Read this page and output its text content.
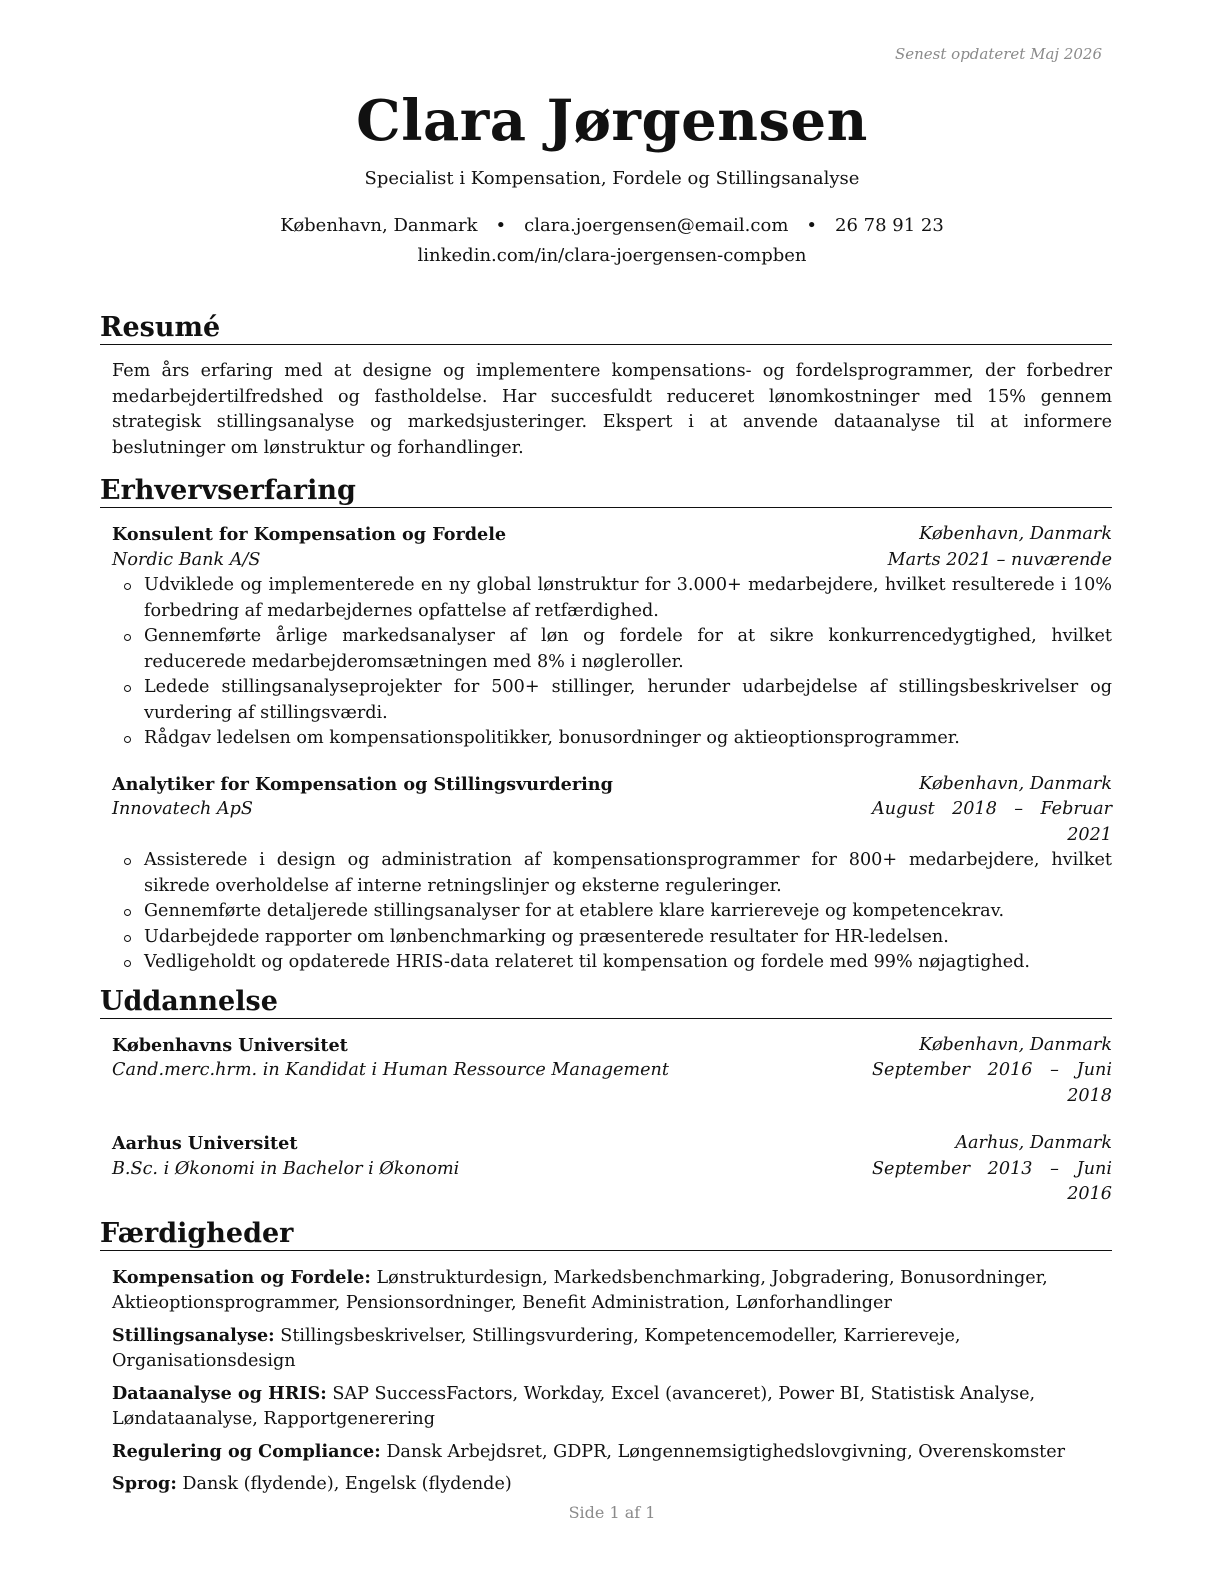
Senest opdateret Maj 2026
Clara Jørgensen
Specialist i Kompensation, Fordele og Stillingsanalyse
København, Danmark • clara.joergensen@email.com • 26 78 91 23
linkedin.com/in/clara-joergensen-compben
Resumé
Fem års erfaring med at designe og implementere kompensations- og fordelsprogrammer, der forbedrer medarbejdertilfredshed og fastholdelse. Har succesfuldt reduceret lønomkostninger med 15% gennem strategisk stillingsanalyse og markedsjusteringer. Ekspert i at anvende dataanalyse til at informere beslutninger om lønstruktur og forhandlinger.
Erhvervserfaring
Konsulent for Kompensation og Fordele	København, Danmark
Nordic Bank A/S	Marts 2021 – nuværende
Udviklede og implementerede en ny global lønstruktur for 3.000+ medarbejdere, hvilket resulterede i 10% forbedring af medarbejdernes opfattelse af retfærdighed.
Gennemførte årlige markedsanalyser af løn og fordele for at sikre konkurrencedygtighed, hvilket reducerede medarbejderomsætningen med 8% i nøgleroller.
Ledede stillingsanalyseprojekter for 500+ stillinger, herunder udarbejdelse af stillingsbeskrivelser og vurdering af stillingsværdi.
Rådgav ledelsen om kompensationspolitikker, bonusordninger og aktieoptionsprogrammer.
Analytiker for Kompensation og Stillingsvurdering	København, Danmark
Innovatech ApS	August 2018 – Februar 2021
Assisterede i design og administration af kompensationsprogrammer for 800+ medarbejdere, hvilket sikrede overholdelse af interne retningslinjer og eksterne reguleringer.
Gennemførte detaljerede stillingsanalyser for at etablere klare karriereveje og kompetencekrav.
Udarbejdede rapporter om lønbenchmarking og præsenterede resultater for HR-ledelsen.
Vedligeholdt og opdaterede HRIS-data relateret til kompensation og fordele med 99% nøjagtighed.
Uddannelse
Københavns Universitet	København, Danmark
Cand.merc.hrm. in Kandidat i Human Ressource Management	September 2016 – Juni 2018
Aarhus Universitet	Aarhus, Danmark
B.Sc. i Økonomi in Bachelor i Økonomi	September 2013 – Juni 2016
Færdigheder
Kompensation og Fordele: Lønstrukturdesign, Markedsbenchmarking, Jobgradering, Bonusordninger, Aktieoptionsprogrammer, Pensionsordninger, Benefit Administration, Lønforhandlinger
Stillingsanalyse: Stillingsbeskrivelser, Stillingsvurdering, Kompetencemodeller, Karriereveje, Organisationsdesign
Dataanalyse og HRIS: SAP SuccessFactors, Workday, Excel (avanceret), Power BI, Statistisk Analyse, Løndataanalyse, Rapportgenerering
Regulering og Compliance: Dansk Arbejdsret, GDPR, Løngennemsigtighedslovgivning, Overenskomster
Sprog: Dansk (flydende), Engelsk (flydende)
Side 1 af 1
